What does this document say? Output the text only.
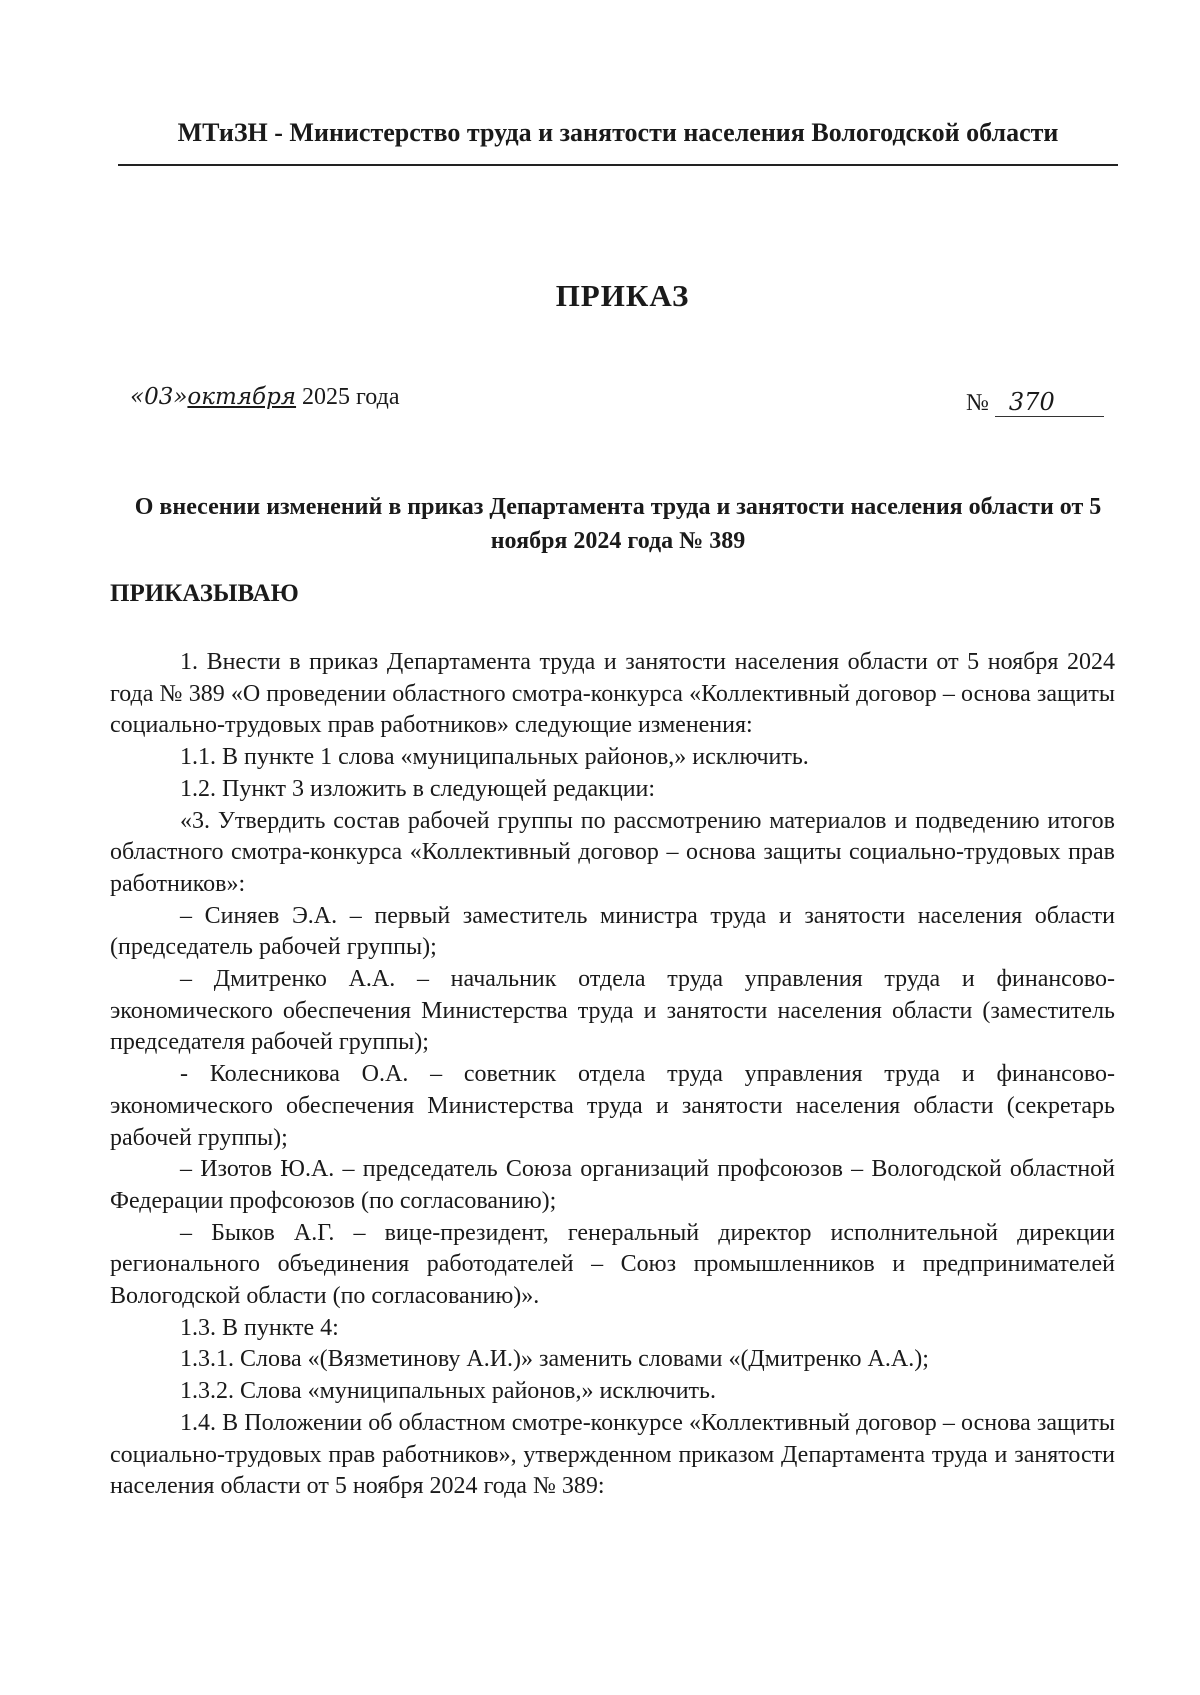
МТиЗН - Министерство труда и занятости населения Вологодской области
ПРИКАЗ
«03»октября 2025 года	№ 370
О внесении изменений в приказ Департамента труда и занятости населения области от 5 ноября 2024 года № 389
ПРИКАЗЫВАЮ

1. Внести в приказ Департамента труда и занятости населения области от 5 ноября 2024 года № 389 «О проведении областного смотра-конкурса «Коллективный договор – основа защиты социально-трудовых прав работников» следующие изменения:

1.1. В пункте 1 слова «муниципальных районов,» исключить.

1.2. Пункт 3 изложить в следующей редакции:

«3. Утвердить состав рабочей группы по рассмотрению материалов и подведению итогов областного смотра-конкурса «Коллективный договор – основа защиты социально-трудовых прав работников»:

– Синяев Э.А. – первый заместитель министра труда и занятости населения области (председатель рабочей группы);

– Дмитренко А.А. – начальник отдела труда управления труда и финансово-экономического обеспечения Министерства труда и занятости населения области (заместитель председателя рабочей группы);

- Колесникова О.А. – советник отдела труда управления труда и финансово-экономического обеспечения Министерства труда и занятости населения области (секретарь рабочей группы);

– Изотов Ю.А. – председатель Союза организаций профсоюзов – Вологодской областной Федерации профсоюзов (по согласованию);

– Быков А.Г. – вице-президент, генеральный директор исполнительной дирекции регионального объединения работодателей – Союз промышленников и предпринимателей Вологодской области (по согласованию)».

1.3. В пункте 4:

1.3.1. Слова «(Вязметинову А.И.)» заменить словами «(Дмитренко А.А.);

1.3.2. Слова «муниципальных районов,» исключить.

1.4. В Положении об областном смотре-конкурсе «Коллективный договор – основа защиты социально-трудовых прав работников», утвержденном приказом Департамента труда и занятости населения области от 5 ноября 2024 года № 389:
